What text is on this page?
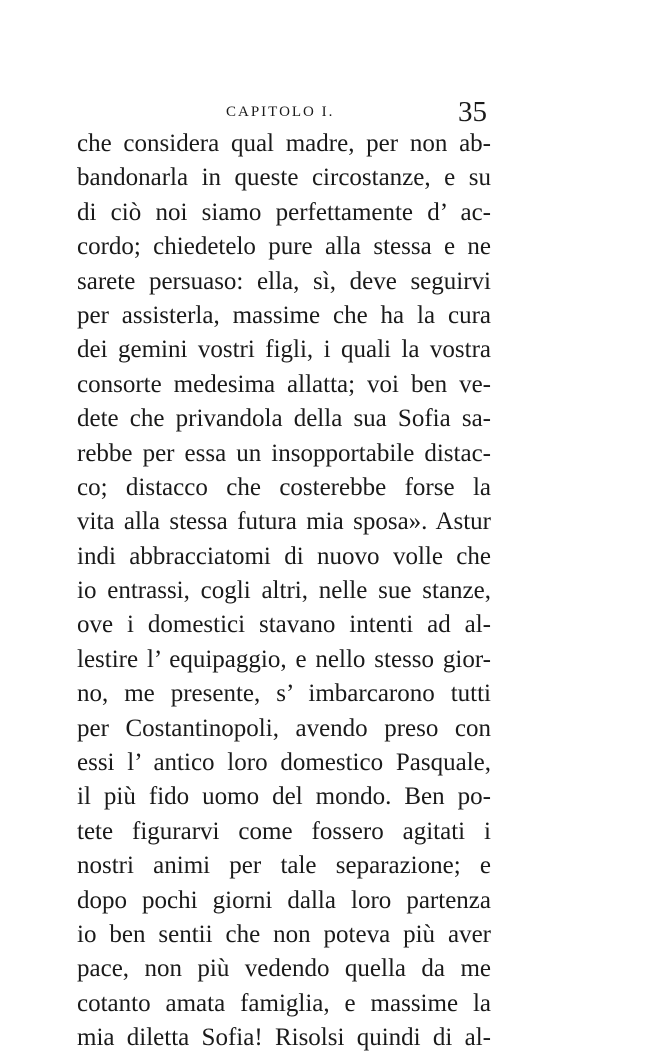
CAPITOLO I.	35
che considera qual madre, per non ab-
bandonarla in queste circostanze, e su
di ciò noi siamo perfettamente d’ ac-
cordo; chiedetelo pure alla stessa e ne
sarete persuaso: ella, sì, deve seguirvi
per assisterla, massime che ha la cura
dei gemini vostri figli, i quali la vostra
consorte medesima allatta; voi ben ve-
dete che privandola della sua Sofia sa-
rebbe per essa un insopportabile distac-
co; distacco che costerebbe forse la
vita alla stessa futura mia sposa». Astur
indi abbracciatomi di nuovo volle che
io entrassi, cogli altri, nelle sue stanze,
ove i domestici stavano intenti ad al-
lestire l’ equipaggio, e nello stesso gior-
no, me presente, s’ imbarcarono tutti
per Costantinopoli, avendo preso con
essi l’ antico loro domestico Pasquale,
il più fido uomo del mondo. Ben po-
tete figurarvi come fossero agitati i
nostri animi per tale separazione; e
dopo pochi giorni dalla loro partenza
io ben sentii che non poteva più aver
pace, non più vedendo quella da me
cotanto amata famiglia, e massime la
mia diletta Sofia! Risolsi quindi di al-
